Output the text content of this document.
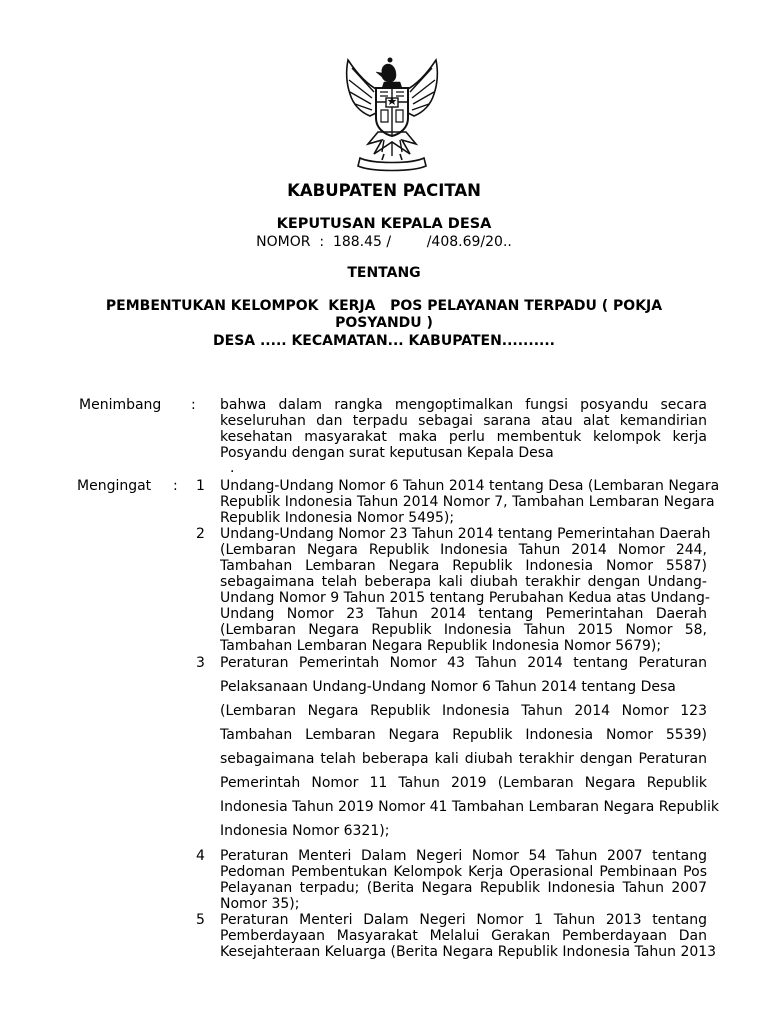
KABUPATEN PACITAN
KEPUTUSAN KEPALA DESA
NOMOR  :  188.45 /        /408.69/20..
TENTANG
PEMBENTUKAN KELOMPOK  KERJA   POS PELAYANAN TERPADU ( POKJA
POSYANDU )
DESA ..... KECAMATAN... KABUPATEN..........
Menimbang : bahwa dalam rangka mengoptimalkan fungsi posyandu secara
keseluruhan dan terpadu sebagai sarana atau alat kemandirian
kesehatan masyarakat maka perlu membentuk kelompok kerja
Posyandu dengan surat keputusan Kepala Desa
.
Mengingat : 1 Undang-Undang Nomor 6 Tahun 2014 tentang Desa (Lembaran Negara
Republik Indonesia Tahun 2014 Nomor 7, Tambahan Lembaran Negara
Republik Indonesia Nomor 5495);
2 Undang-Undang Nomor 23 Tahun 2014 tentang Pemerintahan Daerah
(Lembaran Negara Republik Indonesia Tahun 2014 Nomor 244,
Tambahan Lembaran Negara Republik Indonesia Nomor 5587)
sebagaimana telah beberapa kali diubah terakhir dengan Undang-
Undang Nomor 9 Tahun 2015 tentang Perubahan Kedua atas Undang-
Undang Nomor 23 Tahun 2014 tentang Pemerintahan Daerah
(Lembaran Negara Republik Indonesia Tahun 2015 Nomor 58,
Tambahan Lembaran Negara Republik Indonesia Nomor 5679);
3 Peraturan Pemerintah Nomor 43 Tahun 2014 tentang Peraturan
Pelaksanaan Undang-Undang Nomor 6 Tahun 2014 tentang Desa
(Lembaran Negara Republik Indonesia Tahun 2014 Nomor 123
Tambahan Lembaran Negara Republik Indonesia Nomor 5539)
sebagaimana telah beberapa kali diubah terakhir dengan Peraturan
Pemerintah Nomor 11 Tahun 2019 (Lembaran Negara Republik
Indonesia Tahun 2019 Nomor 41 Tambahan Lembaran Negara Republik
Indonesia Nomor 6321);
4 Peraturan Menteri Dalam Negeri Nomor 54 Tahun 2007 tentang
Pedoman Pembentukan Kelompok Kerja Operasional Pembinaan Pos
Pelayanan terpadu; (Berita Negara Republik Indonesia Tahun 2007
Nomor 35);
5 Peraturan Menteri Dalam Negeri Nomor 1 Tahun 2013 tentang
Pemberdayaan Masyarakat Melalui Gerakan Pemberdayaan Dan
Kesejahteraan Keluarga (Berita Negara Republik Indonesia Tahun 2013
